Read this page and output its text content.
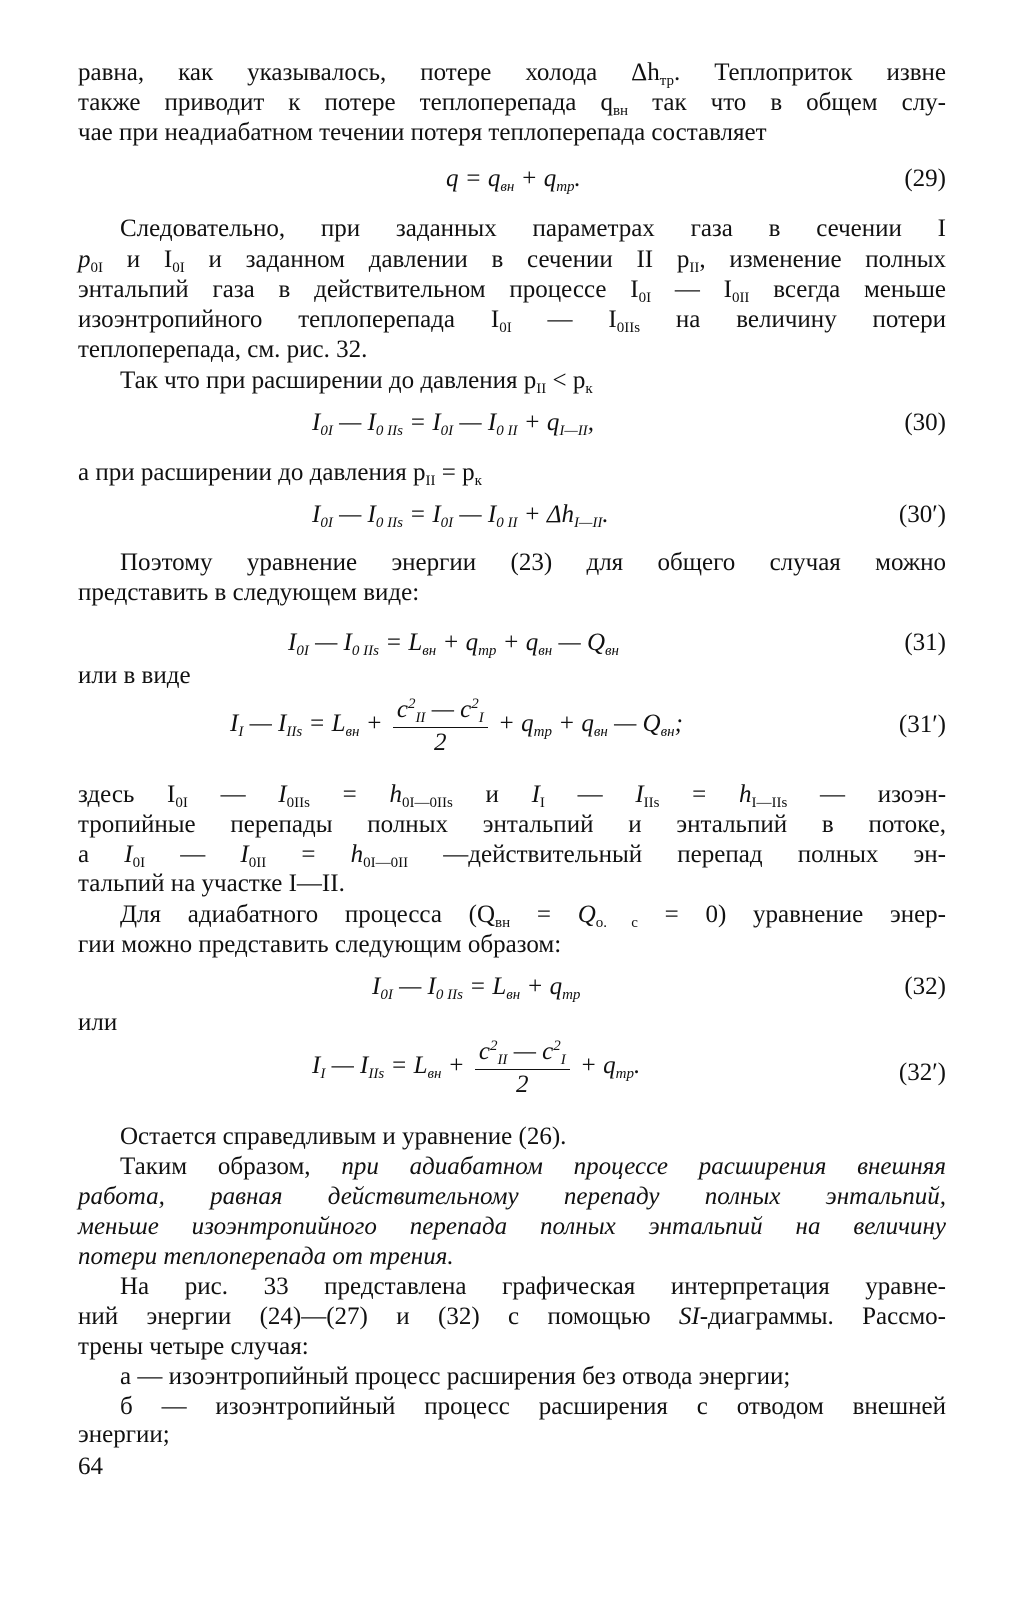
равна, как указывалось, потере холода $\Delta h_{тр}$. Теплоприток извне
также приводит к потере теплоперепада $q_{вн}$ так что в общем слу-
чае при неадиабатном течении потеря теплоперепада составляет
$q = q_{вн} + q_{тр}$.	(29)
Следовательно, при заданных параметрах газа в сечении I
$p_{0I}$ и $I_{0I}$ и заданном давлении в сечении II $p_{II}$, изменение полных
энтальпий газа в действительном процессе $I_{0I}$ — $I_{0II}$ всегда меньше
изоэнтропийного теплоперепада $I_{0I}$ — $I_{0IIs}$ на величину потери
теплоперепада, см. рис. 32.
Так что при расширении до давления $p_{II} < p_к$
$I_{0I}$ — $I_{0 IIs} = I_{0I}$ — $I_{0 II} + q_{I—II}$,	(30)
а при расширении до давления $p_{II} = p_к$
$I_{0I}$ — $I_{0 IIs} = I_{0I}$ — $I_{0 II} + \Delta h_{I—II}$.	(30′)
Поэтому уравнение энергии (23) для общего случая можно
представить в следующем виде:
$I_{0I}$ — $I_{0 IIs} = L_{вн} + q_{тр} + q_{вн}$ — $Q_{вн}$	(31)
или в виде
$I_I$ — $I_{IIs} = L_{вн} + \frac{c^2_{II} — c^2_I}{2} + q_{тр} + q_{вн}$ — $Q_{вн}$;	(31′)
здесь $I_{0I}$ — $I_{0IIs} = h_{0I—0IIs}$ и $I_I$ — $I_{IIs} = h_{I—IIs}$ — изоэн-
тропийные перепады полных энтальпий и энтальпий в потоке,
а $I_{0I}$ — $I_{0II} = h_{0I—0II}$ —действительный перепад полных эн-
тальпий на участке I—II.
Для адиабатного процесса $(Q_{вн} = Q_{о. с} = 0)$ уравнение энер-
гии можно представить следующим образом:
$I_{0I}$ — $I_{0 IIs} = L_{вн} + q_{тр}$	(32)
или
$I_I$ — $I_{IIs} = L_{вн} + \frac{c^2_{II} — c^2_I}{2} + q_{тр}$.	(32′)
Остается справедливым и уравнение (26).
Таким образом, при адиабатном процессе расширения внешняя
работа, равная действительному перепаду полных энтальпий,
меньше изоэнтропийного перепада полных энтальпий на величину
потери теплоперепада от трения.
На рис. 33 представлена графическая интерпретация уравне-
ний энергии (24)—(27) и (32) с помощью SI-диаграммы. Рассмо-
трены четыре случая:
а — изоэнтропийный процесс расширения без отвода энергии;
б — изоэнтропийный процесс расширения с отводом внешней
энергии;
64
